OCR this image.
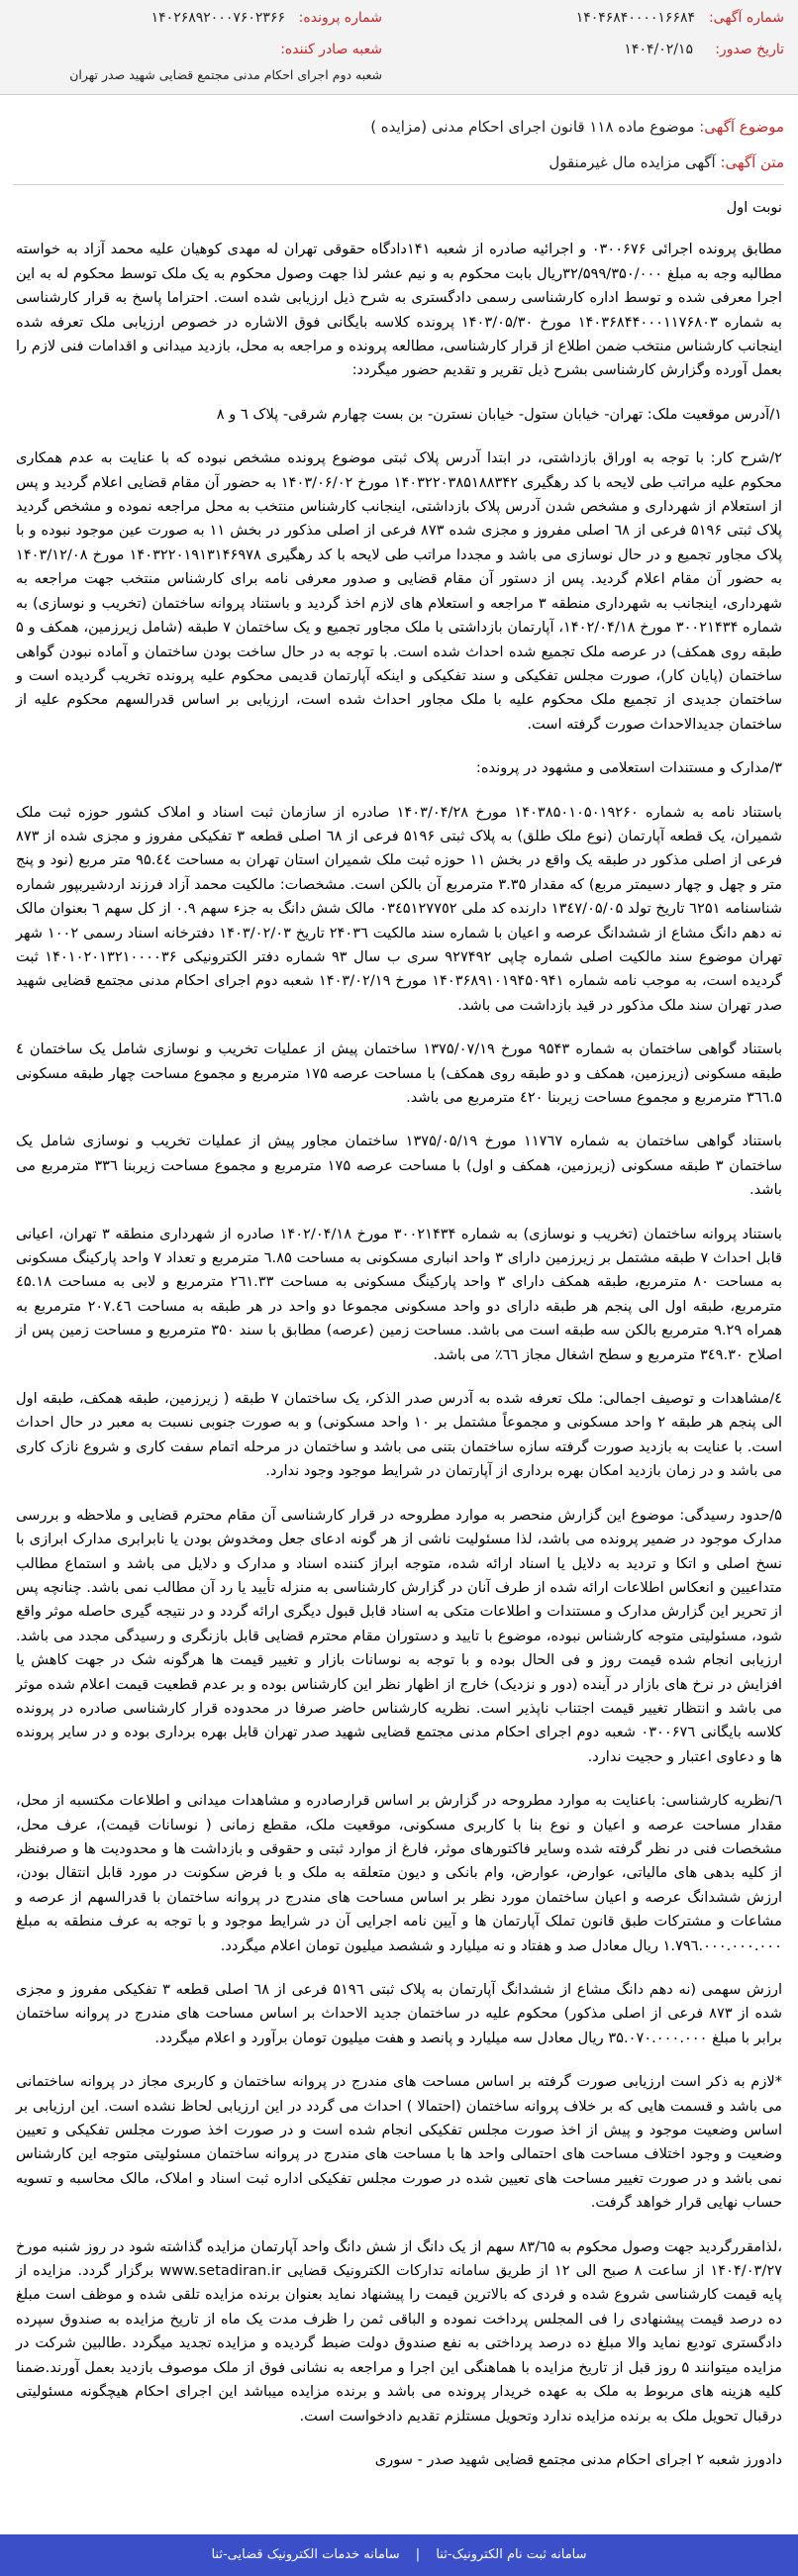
شماره آگهی:
۱۴۰۴۶۸۴۰۰۰۰۱۶۶۸۴
شماره پرونده:
۱۴۰۲۶۸۹۲۰۰۰۷۶۰۲۳۶۶
تاریخ صدور:
۱۴۰۴/۰۲/۱۵
شعبه صادر کننده:
شعبه دوم اجرای احکام مدنی مجتمع قضایی شهید صدر تهران
موضوع آگهی: موضوع ماده ۱۱۸ قانون اجرای احکام مدنی (مزایده )
متن آگهی: آگهی مزایده مال غیرمنقول

نوبت اول

مطابق پرونده اجرائی ۰۳۰۰۶۷۶ و اجرائیه صادره از شعبه ۱۴۱دادگاه حقوقی تهران له مهدی کوهیان علیه محمد آزاد به خواسته مطالبه وجه به مبلغ ۳۲/۵۹۹/۳۵۰/۰۰۰ریال بابت محکوم به و نیم عشر لذا جهت وصول محکوم به یک ملک توسط محکوم له به این اجرا معرفی شده و توسط اداره کارشناسی رسمی دادگستری به شرح ذیل ارزیابی شده است. احتراما پاسخ به قرار کارشناسی به شماره ۱۴۰۳۶۸۴۴۰۰۰۱۱۷۶۸۰۳ مورخ ۱۴۰۳/۰۵/۳۰ پرونده کلاسه بایگانی فوق الاشاره در خصوص ارزیابی ملک تعرفه شده اینجانب کارشناس منتخب ضمن اطلاع از قرار کارشناسی، مطالعه پرونده و مراجعه به محل، بازدید میدانی و اقدامات فنی لازم را بعمل آورده وگزارش کارشناسی بشرح ذیل تقریر و تقدیم حضور میگردد:

۱/آدرس موقعیت ملک: تهران- خیابان ستول- خیابان نسترن- بن بست چهارم شرقی- پلاک ٦ و ٨

۲/شرح کار: با توجه به اوراق بازداشتی، در ابتدا آدرس پلاک ثبتی موضوع پرونده مشخص نبوده که با عنایت به عدم همکاری محکوم علیه مراتب طی لایحه با کد رهگیری ۱۴۰۳۲۲۰۳۸۵۱۸۸۳۴۲ مورخ ۱۴۰۳/۰۶/۰۲ به حضور آن مقام قضایی اعلام گردید و پس از استعلام از شهرداری و مشخص شدن آدرس پلاک بازداشتی، اینجانب کارشناس منتخب به محل مراجعه نموده و مشخص گردید پلاک ثبتی ۵۱۹۶ فرعی از ٦۸ اصلی مفروز و مجزی شده ۸۷۳ فرعی از اصلی مذکور در بخش ۱۱ به صورت عین موجود نبوده و با پلاک مجاور تجمیع و در حال نوسازی می باشد و مجددا مراتب طی لایحه با کد رهگیری ۱۴۰۳۲۲۰۱۹۱۳۱۴۶۹۷۸ مورخ ۱۴۰۳/۱۲/۰۸ به حضور آن مقام اعلام گردید. پس از دستور آن مقام قضایی و صدور معرفی نامه برای کارشناس منتخب جهت مراجعه به شهرداری، اینجانب به شهرداری منطقه ۳ مراجعه و استعلام های لازم اخذ گردید و باستناد پروانه ساختمان (تخریب و نوسازی) به شماره ۳۰۰۲۱۴۳۴ مورخ ۱۴۰۲/۰۴/۱۸، آپارتمان بازداشتی با ملک مجاور تجمیع و یک ساختمان ۷ طبقه (شامل زیرزمین، همکف و ۵ طبقه روی همکف) در عرصه ملک تجمیع شده احداث شده است. با توجه به در حال ساخت بودن ساختمان و آماده نبودن گواهی ساختمان (پایان کار)، صورت مجلس تفکیکی و سند تفکیکی و اینکه آپارتمان قدیمی محکوم علیه پرونده تخریب گردیده است و ساختمان جدیدی از تجمیع ملک محکوم علیه با ملک مجاور احداث شده است، ارزیابی بر اساس قدرالسهم محکوم علیه از ساختمان جدیدالاحداث صورت گرفته است.

۳/مدارک و مستندات استعلامی و مشهود در پرونده:

باستناد نامه به شماره ۱۴۰۳۸۵۰۱۰۵۰۱۹۲۶۰ مورخ ۱۴۰۳/۰۴/۲۸ صادره از سازمان ثبت اسناد و املاک کشور حوزه ثبت ملک شمیران، یک قطعه آپارتمان (نوع ملک طلق) به پلاک ثبتی ۵۱۹۶ فرعی از ٦۸ اصلی قطعه ۳ تفکیکی مفروز و مجزی شده از ۸۷۳ فرعی از اصلی مذکور در طبقه یک واقع در بخش ۱۱ حوزه ثبت ملک شمیران استان تهران به مساحت ۹۵.٤٤ متر مربع (نود و پنج متر و چهل و چهار دسیمتر مربع) که مقدار ۳.۳۵ مترمربع آن بالکن است. مشخصات: مالکیت محمد آزاد فرزند اردشیربپور شماره شناسنامه ٦۲۵۱ تاریخ تولد ۱۳٤۷/۰۵/۰۵ دارنده کد ملی ۰۳٤۵۱۲۷۷٥۲ مالک شش دانگ به جزء سهم ۰.۹ از کل سهم ٦ بعنوان مالک نه دهم دانگ مشاع از ششدانگ عرصه و اعیان با شماره سند مالکیت ۲۴۰۳٦ تاریخ ۱۴۰۳/۰۲/۰۳ دفترخانه اسناد رسمی ۱۰۰۲ شهر تهران موضوع سند مالکیت اصلی شماره چاپی ۹۲۷۴۹۲ سری ب سال ۹۳ شماره دفتر الکترونیکی ۱۴۰۱۰۲۰۱۳۲۱۰۰۰۰۳۶ ثبت گردیده است، به موجب نامه شماره ۱۴۰۳۶۸۹۱۰۱۹۴۵۰۹۴۱ مورخ ۱۴۰۳/۰۲/۱۹ شعبه دوم اجرای احکام مدنی مجتمع قضایی شهید صدر تهران سند ملک مذکور در قید بازداشت می باشد.

باستناد گواهی ساختمان به شماره ۹۵۴۳ مورخ ۱۳۷۵/۰۷/۱۹ ساختمان پیش از عملیات تخریب و نوسازی شامل یک ساختمان ٤ طبقه مسکونی (زیرزمین، همکف و دو طبقه روی همکف) با مساحت عرصه ۱۷۵ مترمربع و مجموع مساحت چهار طبقه مسکونی ۳٦٦.۵ مترمربع و مجموع مساحت زیربنا ٤۲۰ مترمربع می باشد.

باستناد گواهی ساختمان به شماره ۱۱۷٦۷ مورخ ۱۳۷۵/۰۵/۱۹ ساختمان مجاور پیش از عملیات تخریب و نوسازی شامل یک ساختمان ۳ طبقه مسکونی (زیرزمین، همکف و اول) با مساحت عرصه ۱۷۵ مترمربع و مجموع مساحت زیربنا ۳۳٦ مترمربع می باشد.

باستناد پروانه ساختمان (تخریب و نوسازی) به شماره ۳۰۰۲۱۴۳۴ مورخ ۱۴۰۲/۰۴/۱۸ صادره از شهرداری منطقه ۳ تهران، اعیانی قابل احداث ۷ طبقه مشتمل بر زیرزمین دارای ۳ واحد انباری مسکونی به مساحت ٦.۸۵ مترمربع و تعداد ۷ واحد پارکینگ مسکونی به مساحت ۸۰ مترمربع، طبقه همکف دارای ۳ واحد پارکینگ مسکونی به مساحت ۲٦۱.۳۳ مترمربع و لابی به مساحت ٤۵.۱۸ مترمربع، طبقه اول الی پنجم هر طبقه دارای دو واحد مسکونی مجموعا دو واحد در هر طبقه به مساحت ۲۰۷.٤٦ مترمربع به همراه ۹.۲۹ مترمربع بالکن سه طبقه است می باشد. مساحت زمین (عرصه) مطابق با سند ۳۵۰ مترمربع و مساحت زمین پس از اصلاح ۳٤۹.۳۰ مترمربع و سطح اشغال مجاز ٦٦٪ می باشد.

٤/مشاهدات و توصیف اجمالی: ملک تعرفه شده به آدرس صدر الذکر، یک ساختمان ۷ طبقه ( زیرزمین، طبقه همکف، طبقه اول الی پنجم هر طبقه ۲ واحد مسکونی و مجموعاً مشتمل بر ۱۰ واحد مسکونی) و به صورت جنوبی نسبت به معبر در حال احداث است. با عنایت به بازدید صورت گرفته سازه ساختمان بتنی می باشد و ساختمان در مرحله اتمام سفت کاری و شروع نازک کاری می باشد و در زمان بازدید امکان بهره برداری از آپارتمان در شرایط موجود وجود ندارد.

۵/حدود رسیدگی: موضوع این گزارش منحصر به موارد مطروحه در قرار کارشناسی آن مقام محترم قضایی و ملاحظه و بررسی مدارک موجود در ضمیر پرونده می باشد، لذا مسئولیت ناشی از هر گونه ادعای جعل ومخدوش بودن یا نابرابری مدارک ابرازی با نسخ اصلی و اتکا و تردید به دلایل یا اسناد ارائه شده، متوجه ابراز کننده اسناد و مدارک و دلایل می باشد و استماع مطالب متداعیین و انعکاس اطلاعات ارائه شده از طرف آنان در گزارش کارشناسی به منزله تأیید یا رد آن مطالب نمی باشد. چنانچه پس از تحریر این گزارش مدارک و مستندات و اطلاعات متکی به اسناد قابل قبول دیگری ارائه گردد و در نتیجه گیری حاصله موثر واقع شود، مسئولیتی متوجه کارشناس نبوده، موضوع با تایید و دستوران مقام محترم قضایی قابل بازنگری و رسیدگی مجدد می باشد. ارزیابی انجام شده قیمت روز و فی الحال بوده و با توجه به نوسانات بازار و تغییر قیمت ها هرگونه شک در جهت کاهش یا افزایش در نرخ های بازار در آینده (دور و نزدیک) خارج از اظهار نظر این کارشناس بوده و بر عدم قطعیت قیمت اعلام شده موثر می باشد و انتظار تغییر قیمت اجتناب ناپذیر است. نظریه کارشناس حاضر صرفا در محدوده قرار کارشناسی صادره در پرونده کلاسه بایگانی ۰۳۰۰۶۷٦ شعبه دوم اجرای احکام مدنی مجتمع قضایی شهید صدر تهران قابل بهره برداری بوده و در سایر پرونده ها و دعاوی اعتبار و حجیت ندارد.

٦/نظریه کارشناسی: باعنایت به موارد مطروحه در گزارش بر اساس قرارصادره و مشاهدات میدانی و اطلاعات مکتسبه از محل، مقدار مساحت عرصه و اعیان و نوع بنا با کاربری مسکونی، موقعیت ملک، مقطع زمانی ( نوسانات قیمت)، عرف محل، مشخصات فنی در نظر گرفته شده وسایر فاکتورهای موثر، فارغ از موارد ثبتی و حقوقی و بازداشت ها و محدودیت ها و صرفنظر از کلیه بدهی های مالیاتی، عوارض، عوارض، وام بانکی و دیون متعلقه به ملک و با فرض سکونت در مورد قابل انتقال بودن، ارزش ششدانگ عرصه و اعیان ساختمان مورد نظر بر اساس مساحت های مندرج در پروانه ساختمان با قدرالسهم از عرصه و مشاعات و مشترکات طبق قانون تملک آپارتمان ها و آیین نامه اجرایی آن در شرایط موجود و با توجه به عرف منطقه به مبلغ ۱.۷۹٦.۰۰۰.۰۰۰.۰۰۰ ریال معادل صد و هفتاد و نه میلیارد و ششصد میلیون تومان اعلام میگردد.

ارزش سهمی (نه دهم دانگ مشاع از ششدانگ آپارتمان به پلاک ثبتی ۵۱۹٦ فرعی از ٦۸ اصلی قطعه ۳ تفکیکی مفروز و مجزی شده از ۸۷۳ فرعی از اصلی مذکور) محکوم علیه در ساختمان جدید الاحداث بر اساس مساحت های مندرج در پروانه ساختمان برابر با مبلغ ۳۵.۰۷۰.۰۰۰.۰۰۰ ریال معادل سه میلیارد و پانصد و هفت میلیون تومان برآورد و اعلام میگردد.

*لازم به ذکر است ارزیابی صورت گرفته بر اساس مساحت های مندرج در پروانه ساختمان و کاربری مجاز در پروانه ساختمانی می باشد و قسمت هایی که بر خلاف پروانه ساختمان (احتمالا ) احداث می گردد در این ارزیابی لحاظ نشده است. این ارزیابی بر اساس وضعیت موجود و پیش از اخذ صورت مجلس تفکیکی انجام شده است و در صورت اخذ صورت مجلس تفکیکی و تعیین وضعیت و وجود اختلاف مساحت های احتمالی واحد ها با مساحت های مندرج در پروانه ساختمان مسئولیتی متوجه این کارشناس نمی باشد و در صورت تغییر مساحت های تعیین شده در صورت مجلس تفکیکی اداره ثبت اسناد و املاک، مالک محاسبه و تسویه حساب نهایی قرار خواهد گرفت.

،لذامقررگردید جهت وصول محکوم به ۸۳/٦۵ سهم از یک دانگ از شش دانگ واحد آپارتمان مزایده گذاشته شود در روز شنبه مورخ ۱۴۰۴/۰۳/۲۷ از ساعت ۸ صبح الی ۱۲ از طریق سامانه تدارکات الکترونیک قضایی www.setadiran.ir برگزار گردد. مزایده از پایه قیمت کارشناسی شروع شده و فردی که بالاترین قیمت را پیشنهاد نماید بعنوان برنده مزایده تلقی شده و موظف است مبلغ ده درصد قیمت پیشنهادی را فی المجلس پرداخت نموده و الباقی ثمن را ظرف مدت یک ماه از تاریخ مزایده به صندوق سپرده دادگستری تودیع نماید والا مبلغ ده درصد پرداختی به نفع صندوق دولت ضبط گردیده و مزایده تجدید میگردد .طالبین شرکت در مزایده میتوانند ۵ روز قبل از تاریخ مزایده با هماهنگی این اجرا و مراجعه به نشانی فوق از ملک موصوف بازدید بعمل آورند.ضمنا کلیه هزینه های مربوط به ملک به عهده خریدار پرونده می باشد و برنده مزایده میباشد این اجرای احکام هیچگونه مسئولیتی درقبال تحویل ملک به برنده مزایده ندارد وتحویل مستلزم تقدیم دادخواست است.

دادورز شعبه ۲ اجرای احکام مدنی مجتمع قضایی شهید صدر - سوری

سامانه ثبت نام الکترونیک-ثنا | سامانه خدمات الکترونیک قضایی-ثنا
